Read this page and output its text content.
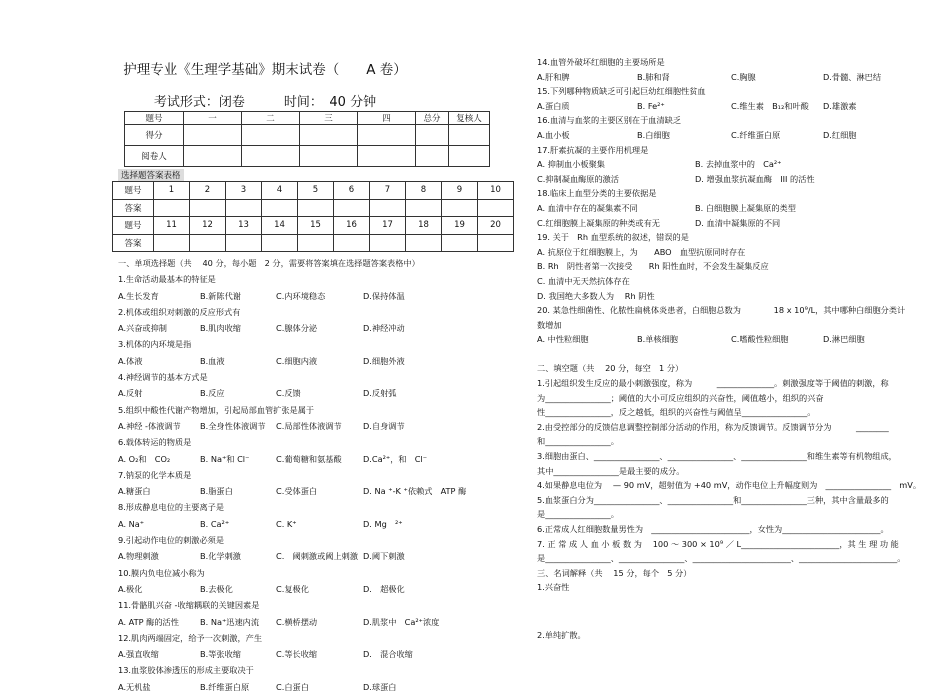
护理专业《生理学基础》期末试卷（　　A 卷）
考试形式：闭卷　　　时间：　40 分钟
题号	一	二	三	四	总分	复核人
得分						
阅卷人						
选择题答案表格
题号	1	2	3	4	5	6	7	8	9	10
答案										
题号	11	12	13	14	15	16	17	18	19	20
答案										
一、单项选择题（共　 40 分，每小题　2 分，需要将答案填在选择题答案表格中）
1.生命活动最基本的特征是
A.生长发育	B.新陈代谢	C.内环境稳态	D.保持体温
2.机体或组织对刺激的反应形式有
A.兴奋或抑制	B.肌肉收缩	C.腺体分泌	D.神经冲动
3.机体的内环境是指
A.体液	B.血液	C.细胞内液	D.细胞外液
4.神经调节的基本方式是
A.反射	B.反应	C.反馈	D.反射弧
5.组织中酸性代谢产物增加，引起局部血管扩张是属于
A.神经 -体液调节 B.全身性体液调节 C.局部性体液调节	D.自身调节
6.载体转运的物质是
A. O₂和　CO₂	B. Na⁺和 Cl⁻	C.葡萄糖和氨基酸	D.Ca²⁺，和　Cl⁻
7.钠泵的化学本质是
A.糖蛋白	B.脂蛋白	C.受体蛋白	D. Na ⁺-K ⁺依赖式　ATP 酶
8.形成静息电位的主要离子是
A. Na⁺	B. Ca²⁺	C. K⁺	D. Mg　²⁺
9.引起动作电位的刺激必须是
A.物理刺激	B.化学刺激	C.　阈刺激或阈上刺激 D.阈下刺激
10.膜内负电位减小称为
A.极化	B.去极化	C.复极化	D.　超极化
11.骨骼肌兴奋 -收缩耦联的关键因素是
A. ATP 酶的活性	B. Na⁺迅速内流 C.横桥摆动	D.肌浆中　Ca²⁺浓度
12.肌肉两端固定，给予一次刺激，产生
A.强直收缩	B.等张收缩	C.等长收缩	D.　混合收缩
13.血浆胶体渗透压的形成主要取决于
A.无机盐	B.纤维蛋白原	C.白蛋白	D.球蛋白
14.血管外破坏红细胞的主要场所是
A.肝和脾	B.肺和肾	C.胸腺	D.骨髓、淋巴结
15.下列哪种物质缺乏可引起巨幼红细胞性贫血
A.蛋白质	B. Fe²⁺	C.维生素　B₁₂和叶酸 D.雄激素
16.血清与血浆的主要区别在于血清缺乏
A.血小板	B.白细胞	C.纤维蛋白原	D.红细胞
17.肝素抗凝的主要作用机理是
A. 抑制血小板聚集	B. 去掉血浆中的　Ca²⁺
C.抑制凝血酶原的激活	D. 增强血浆抗凝血酶　III 的活性
18.临床上血型分类的主要依据是
A. 血清中存在的凝集素不同	B. 白细胞膜上凝集原的类型
C.红细胞膜上凝集原的种类或有无	D. 血清中凝集原的不同
19. 关于　Rh 血型系统的叙述，错误的是
A. 抗原位于红细胞膜上，为　　ABO　血型抗原同时存在
B. Rh　阴性者第一次接受　　Rh 阳性血时，不会发生凝集反应
C. 血清中无天然抗体存在
D. 我国绝大多数人为　 Rh 阴性
20. 某急性细菌性、化脓性扁桃体炎患者，白细胞总数为　　　　18 x 10⁹/L，其中哪种白细胞分类计
数增加
A. 中性粒细胞	B.单核细胞	C.嗜酸性粒细胞	D.淋巴细胞
二、填空题（共　 20 分，每空　1 分）
1.引起组织发生反应的最小刺激强度，称为　　　______________。刺激强度等于阈值的刺激，称
为________________；阈值的大小可反应组织的兴奋性，阈值越小，组织的兴奋
性________________，反之越低，组织的兴奋性与阈值呈________________。
2.由受控部分的反馈信息调整控制部分活动的作用，称为反馈调节。反馈调节分为　　　________
和________________。
3.细胞由蛋白、________________、________________、________________和维生素等有机物组成，
其中________________是最主要的成分。
4.如果静息电位为　 — 90 mV，超射值为 +40 mV，动作电位上升幅度则为　________________　mV。
5.血浆蛋白分为________________、________________和________________三种，其中含量最多的
是________________。
6.正常成人红细胞数量男性为　________________________，女性为________________________。
7. 正 常 成 人 血 小 板 数 为　 100 ～ 300 × 10⁹ ／ L________________________，其 生 理 功 能
是________________、________________、________________________、________________________。
三、名词解释（共　 15 分，每个　5 分）
1.兴奋性
2.单纯扩散。
